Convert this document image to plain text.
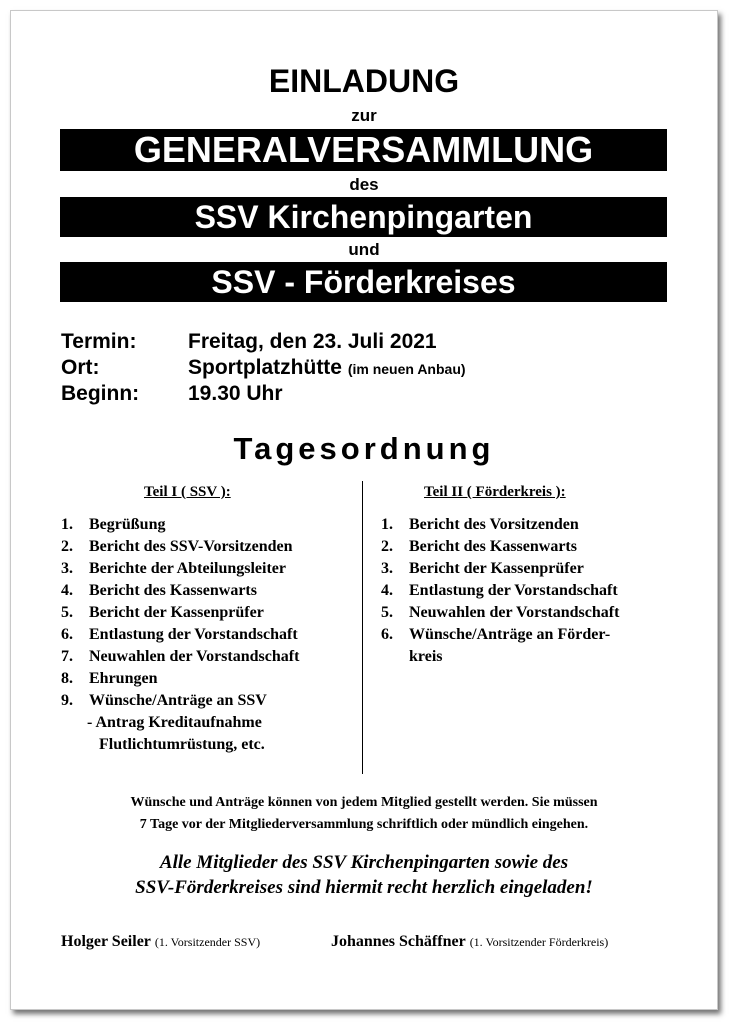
EINLADUNG
zur
GENERALVERSAMMLUNG
des
SSV Kirchenpingarten
und
SSV - Förderkreises
Termin: Freitag, den 23. Juli 2021
Ort:	Sportplatzhütte (im neuen Anbau)
Beginn: 19.30 Uhr
Tagesordnung
Teil I ( SSV ):	Teil II ( Förderkreis ):
1. Begrüßung
2. Bericht des SSV-Vorsitzenden
3. Berichte der Abteilungsleiter
4. Bericht des Kassenwarts
5. Bericht der Kassenprüfer
6. Entlastung der Vorstandschaft
7. Neuwahlen der Vorstandschaft
8. Ehrungen
9. Wünsche/Anträge an SSV
- Antrag Kreditaufnahme
Flutlichtumrüstung, etc.
1. Bericht des Vorsitzenden
2. Bericht des Kassenwarts
3. Bericht der Kassenprüfer
4. Entlastung der Vorstandschaft
5. Neuwahlen der Vorstandschaft
6. Wünsche/Anträge an Förder-
kreis
Wünsche und Anträge können von jedem Mitglied gestellt werden. Sie müssen
7 Tage vor der Mitgliederversammlung schriftlich oder mündlich eingehen.
Alle Mitglieder des SSV Kirchenpingarten sowie des
SSV-Förderkreises sind hiermit recht herzlich eingeladen!
Holger Seiler (1. Vorsitzender SSV)	Johannes Schäffner (1. Vorsitzender Förderkreis)
